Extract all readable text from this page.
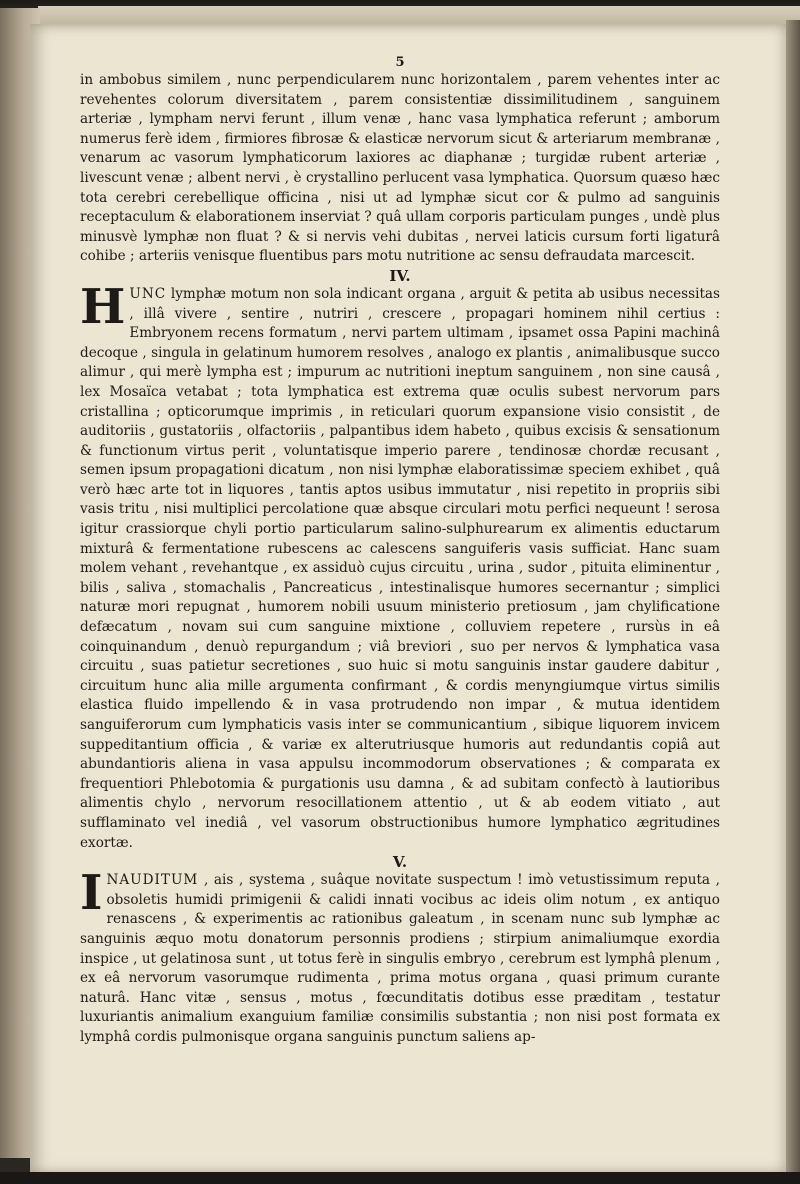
5

in ambobus similem , nunc perpendicularem nunc horizontalem , parem vehentes inter ac revehentes colorum diversitatem , parem consistentiæ dissimilitudinem , sanguinem arteriæ , lympham nervi ferunt , illum venæ , hanc vasa lymphatica referunt ; amborum numerus ferè idem , firmiores fibrosæ & elasticæ nervorum sicut & arteriarum membranæ , venarum ac vasorum lymphaticorum laxiores ac diaphanæ ; turgidæ rubent arteriæ , livescunt venæ ; albent nervi , è crystallino perlucent vasa lymphatica. Quorsum quæso hæc tota cerebri cerebellique officina , nisi ut ad lymphæ sicut cor & pulmo ad sanguinis receptaculum & elaborationem inserviat ? quâ ullam corporis particulam punges , undè plus minusvè lymphæ non fluat ? & si nervis vehi dubitas , nervei laticis cursum forti ligaturâ cohibe ; arteriis venisque fluentibus pars motu nutritione ac sensu defraudata marcescit.

IV.

HUNC lymphæ motum non sola indicant organa , arguit & petita ab usibus necessitas , illâ vivere , sentire , nutriri , crescere , propagari hominem nihil certius : Embryonem recens formatum , nervi partem ultimam , ipsamet ossa Papini machinâ decoque , singula in gelatinum humorem resolves , analogo ex plantis , animalibusque succo alimur , qui merè lympha est ; impurum ac nutritioni ineptum sanguinem , non sine causâ , lex Mosaïca vetabat ; tota lymphatica est extrema quæ oculis subest nervorum pars cristallina ; opticorumque imprimis , in reticulari quorum expansione visio consistit , de auditoriis , gustatoriis , olfactoriis , palpantibus idem habeto , quibus excisis & sensationum & functionum virtus perit , voluntatisque imperio parere , tendinosæ chordæ recusant , semen ipsum propagationi dicatum , non nisi lymphæ elaboratissimæ speciem exhibet , quâ verò hæc arte tot in liquores , tantis aptos usibus immutatur , nisi repetito in propriis sibi vasis tritu , nisi multiplici percolatione quæ absque circulari motu perfici nequeunt ! serosa igitur crassiorque chyli portio particularum salino-sulphurearum ex alimentis eductarum mixturâ & fermentatione rubescens ac calescens sanguiferis vasis sufficiat. Hanc suam molem vehant , revehantque , ex assiduò cujus circuitu , urina , sudor , pituita eliminentur , bilis , saliva , stomachalis , Pancreaticus , intestinalisque humores secernantur ; simplici naturæ mori repugnat , humorem nobili usuum ministerio pretiosum , jam chylificatione defæcatum , novam sui cum sanguine mixtione , colluviem repetere , rursùs in eâ coinquinandum , denuò repurgandum ; viâ breviori , suo per nervos & lymphatica vasa circuitu , suas patietur secretiones , suo huic si motu sanguinis instar gaudere dabitur , circuitum hunc alia mille argumenta confirmant , & cordis menyngiumque virtus similis elastica fluido impellendo & in vasa protrudendo non impar , & mutua identidem sanguiferorum cum lymphaticis vasis inter se communicantium , sibique liquorem invicem suppeditantium officia , & variæ ex alterutriusque humoris aut redundantis copiâ aut abundantioris aliena in vasa appulsu incommodorum observationes ; & comparata ex frequentiori Phlebotomia & purgationis usu damna , & ad subitam confectò à lautioribus alimentis chylo , nervorum resocillationem attentio , ut & ab eodem vitiato , aut sufflaminato vel inediâ , vel vasorum obstructionibus humore lymphatico ægritudines exortæ.

V.

INAUDITUM , ais , systema , suâque novitate suspectum ! imò vetustissimum reputa , obsoletis humidi primigenii & calidi innati vocibus ac ideis olim notum , ex antiquo renascens , & experimentis ac rationibus galeatum , in scenam nunc sub lymphæ ac sanguinis æquo motu donatorum personnis prodiens ; stirpium animaliumque exordia inspice , ut gelatinosa sunt , ut totus ferè in singulis embryo , cerebrum est lymphâ plenum , ex eâ nervorum vasorumque rudimenta , prima motus organa , quasi primum curante naturâ. Hanc vitæ , sensus , motus , fœcunditatis dotibus esse præditam , testatur luxuriantis animalium exanguium familiæ consimilis substantia ; non nisi post formata ex lymphâ cordis pulmonisque organa sanguinis punctum saliens ap-
